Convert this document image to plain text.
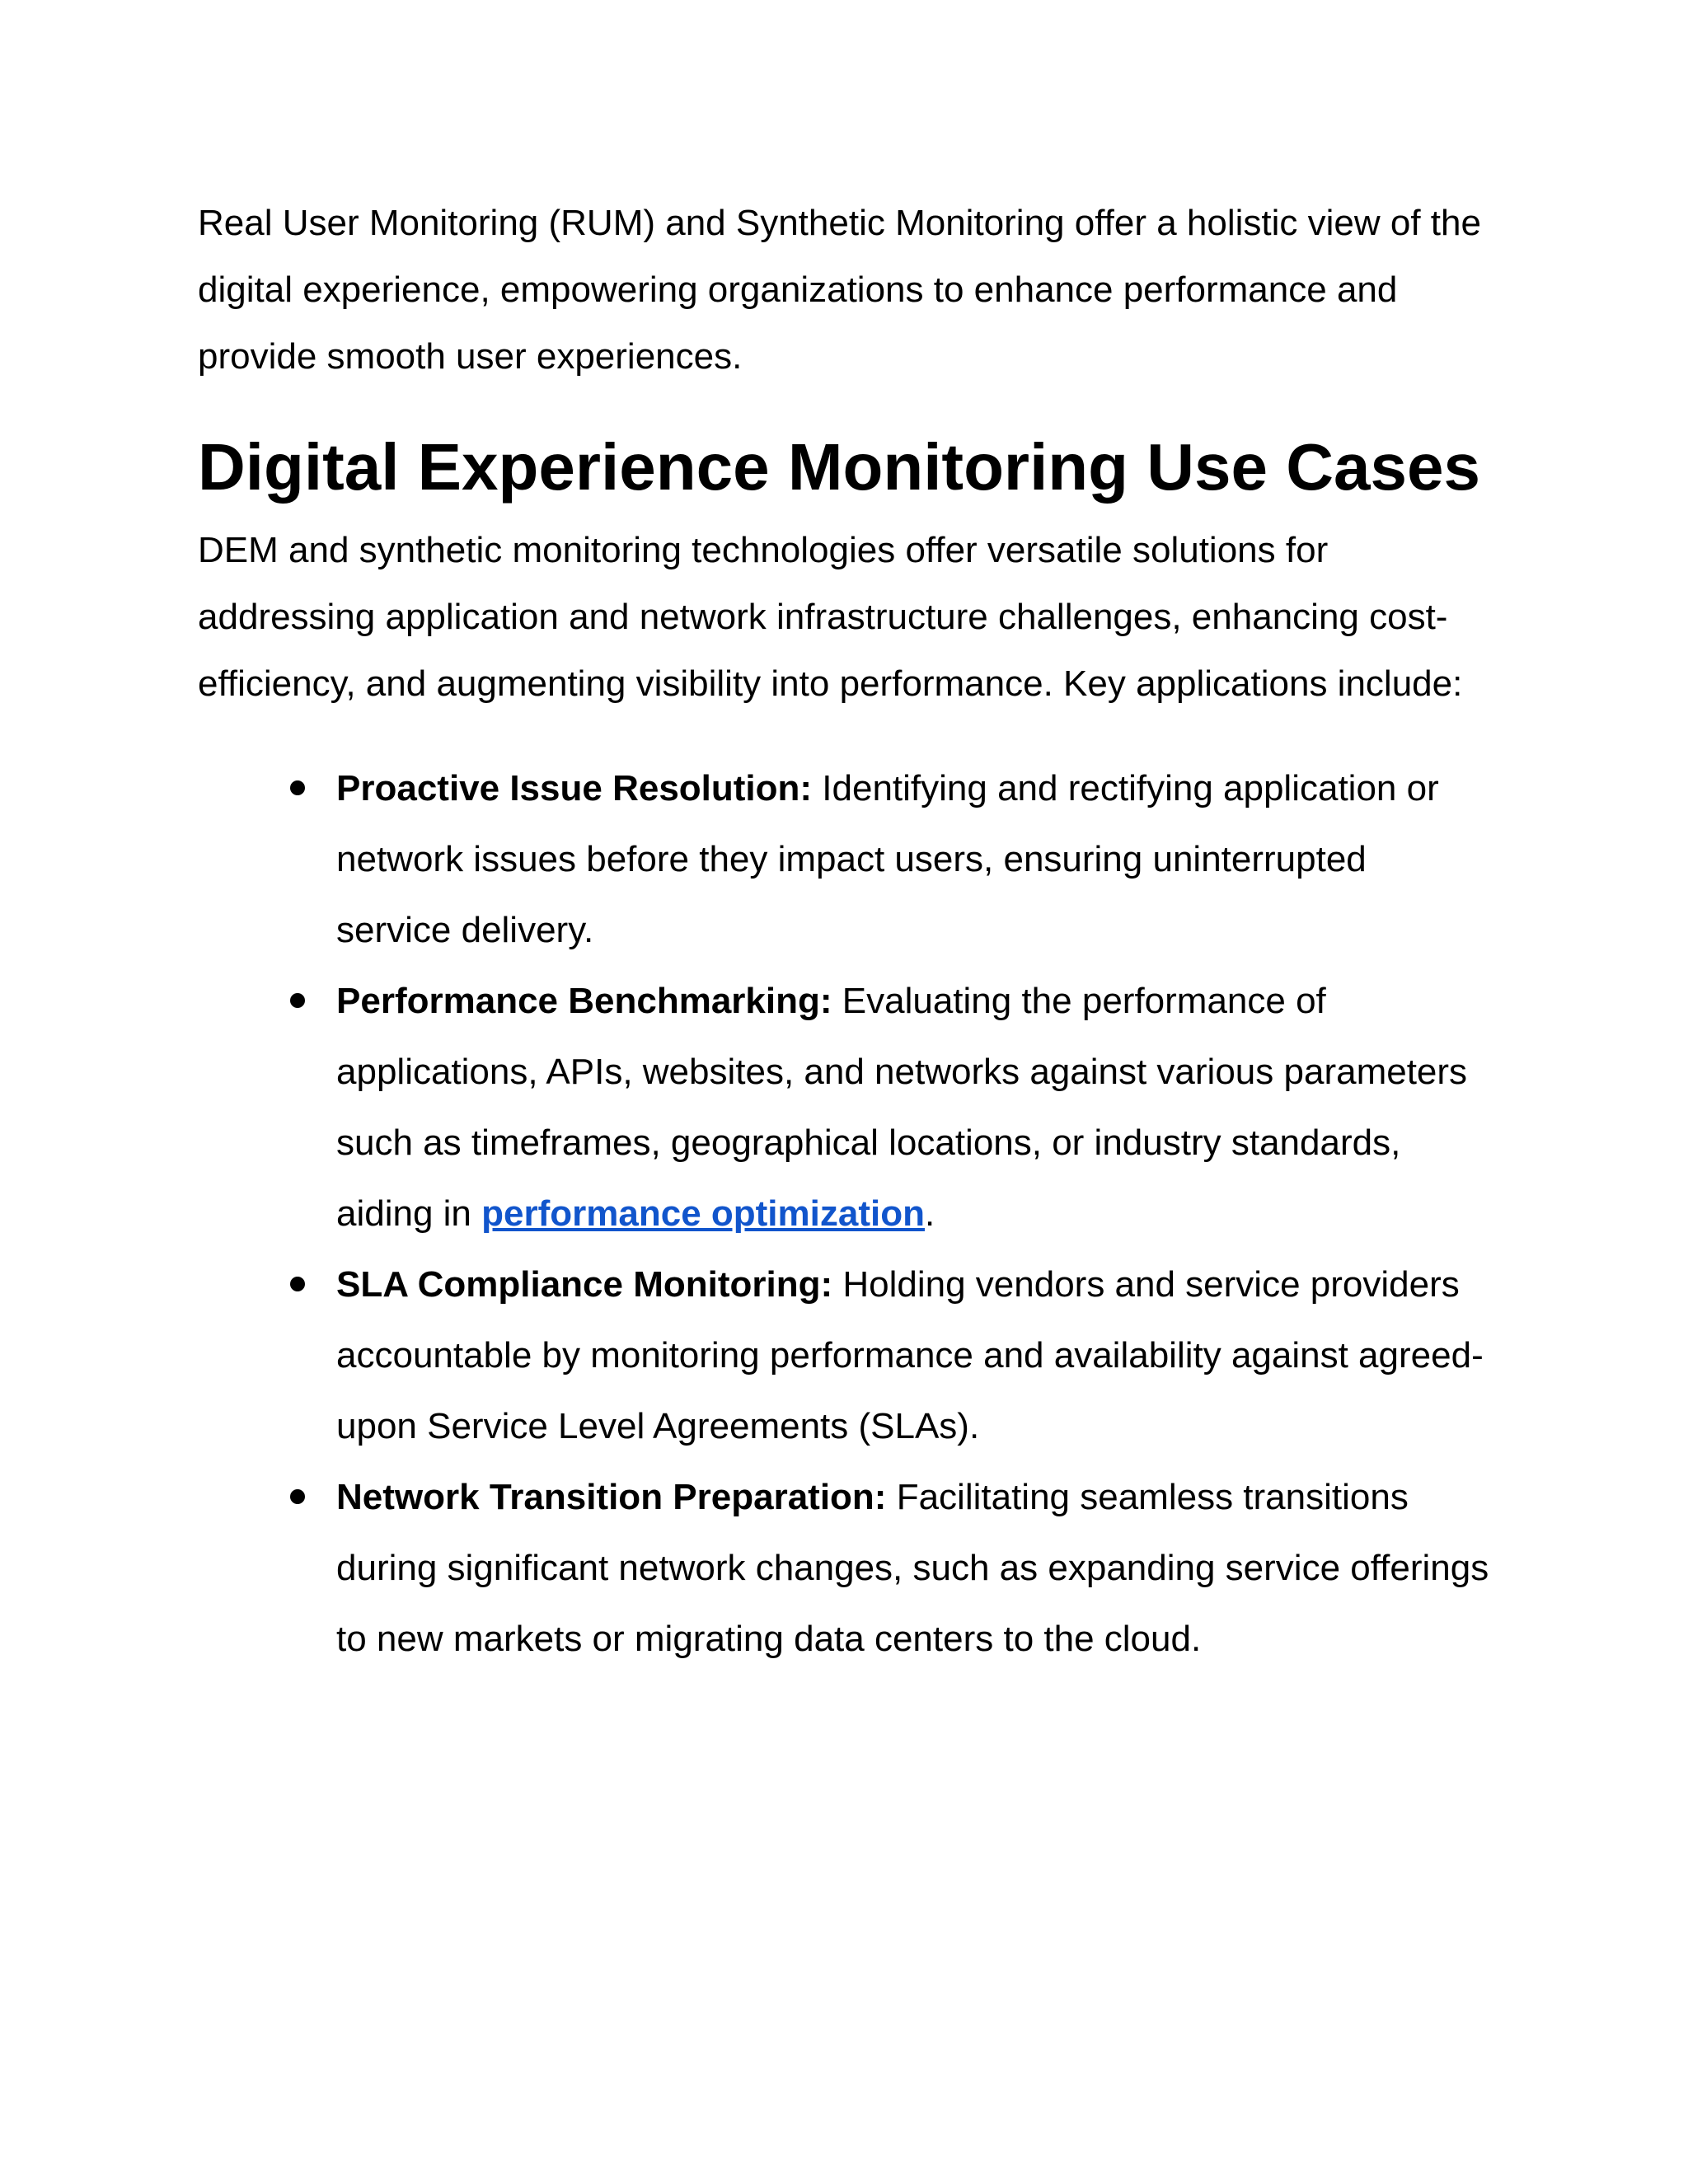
Real User Monitoring (RUM) and Synthetic Monitoring offer a holistic view of the digital experience, empowering organizations to enhance performance and provide smooth user experiences.

Digital Experience Monitoring Use Cases

DEM and synthetic monitoring technologies offer versatile solutions for addressing application and network infrastructure challenges, enhancing cost-efficiency, and augmenting visibility into performance. Key applications include:

Proactive Issue Resolution: Identifying and rectifying application or network issues before they impact users, ensuring uninterrupted service delivery.
Performance Benchmarking: Evaluating the performance of applications, APIs, websites, and networks against various parameters such as timeframes, geographical locations, or industry standards, aiding in performance optimization.
SLA Compliance Monitoring: Holding vendors and service providers accountable by monitoring performance and availability against agreed-upon Service Level Agreements (SLAs).
Network Transition Preparation: Facilitating seamless transitions during significant network changes, such as expanding service offerings to new markets or migrating data centers to the cloud.
